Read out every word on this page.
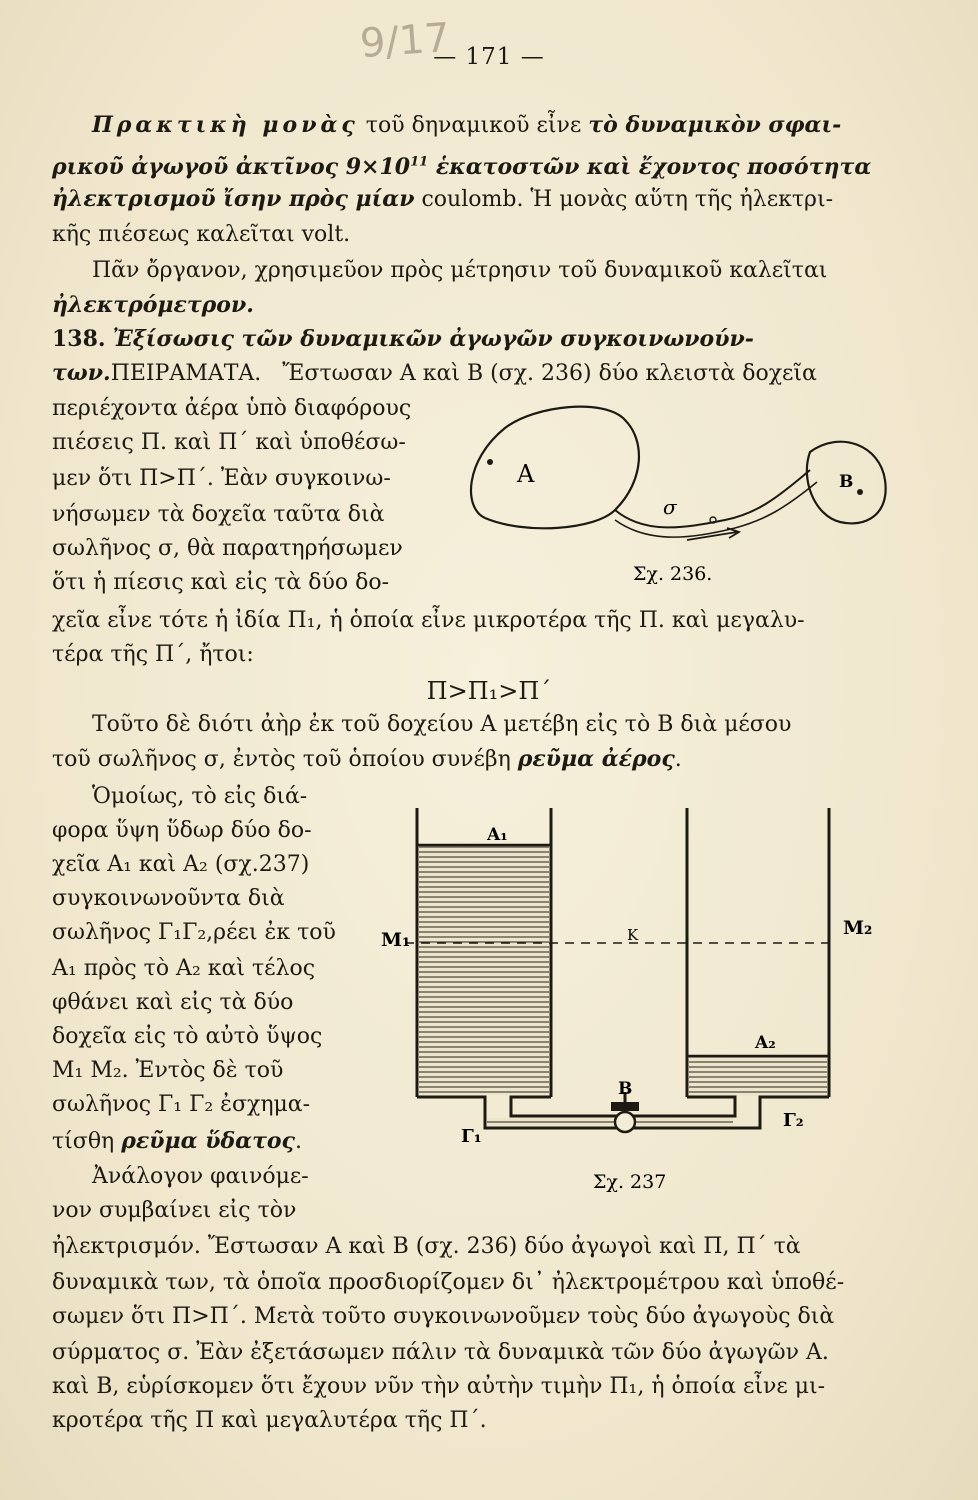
9/17
— 171 —
Πρακτικὴ μονὰς τοῦ δηναμικοῦ εἶνε τὸ δυναμικὸν σφαι-
ρικοῦ ἀγωγοῦ ἀκτῖνος $9\times 10^{11}$ ἑκατοστῶν καὶ ἔχοντος ποσότητα
ἠλεκτρισμοῦ ἴσην πρὸς μίαν coulomb. Ἡ μονὰς αὕτη τῆς ἠλεκτρι-
κῆς πιέσεως καλεῖται volt.
Πᾶν ὄργανον, χρησιμεῦον πρὸς μέτρησιν τοῦ δυναμικοῦ καλεῖται
ἠλεκτρόμετρον.
138. Ἐξίσωσις τῶν δυναμικῶν ἀγωγῶν συγκοινωνούν-
των.ΠΕΙΡΑΜΑΤΑ. Ἔστωσαν Α καὶ Β (σχ. 236) δύο κλειστὰ δοχεῖα
περιέχοντα ἀέρα ὑπὸ διαφόρους
πιέσεις Π. καὶ Π΄ καὶ ὑποθέσω-
μεν ὅτι Π>Π΄. Ἐὰν συγκοινω-
νήσωμεν τὰ δοχεῖα ταῦτα διὰ
σωλῆνος σ, θὰ παρατηρήσωμεν
ὅτι ἡ πίεσις καὶ εἰς τὰ δύο δο-
Α	Β
σ
Σχ. 236.
χεῖα εἶνε τότε ἡ ἰδία Π₁, ἡ ὁποία εἶνε μικροτέρα τῆς Π. καὶ μεγαλυ-
τέρα τῆς Π΄, ἤτοι:
Π>Π₁>Π΄
Τοῦτο δὲ διότι ἀὴρ ἐκ τοῦ δοχείου Α μετέβη εἰς τὸ Β διὰ μέσου
τοῦ σωλῆνος σ, ἐντὸς τοῦ ὁποίου συνέβη ρεῦμα ἀέρος.
Ὁμοίως, τὸ εἰς διά-
φορα ὕψη ὕδωρ δύο δο-
χεῖα Α₁ καὶ Α₂ (σχ.237)
συγκοινωνοῦντα διὰ
σωλῆνος Γ₁Γ₂,ρέει ἐκ τοῦ
Α₁ πρὸς τὸ Α₂ καὶ τέλος
φθάνει καὶ εἰς τὰ δύο
δοχεῖα εἰς τὸ αὐτὸ ὕψος
Μ₁ Μ₂. Ἐντὸς δὲ τοῦ
σωλῆνος Γ₁ Γ₂ ἐσχημα-
τίσθη ρεῦμα ὕδατος.
Ἀνάλογον φαινόμε-
νον συμβαίνει εἰς τὸν
Α₁
Α₂
Μ₁
Μ₂
Κ
Γ₁
Γ₂
Β
Σχ. 237
ἠλεκτρισμόν. Ἔστωσαν Α καὶ Β (σχ. 236) δύο ἀγωγοὶ καὶ Π, Π΄ τὰ
δυναμικὰ των, τὰ ὁποῖα προσδιορίζομεν δι᾽ ἠλεκτρομέτρου καὶ ὑποθέ-
σωμεν ὅτι Π>Π΄. Μετὰ τοῦτο συγκοινωνοῦμεν τοὺς δύο ἀγωγοὺς διὰ
σύρματος σ. Ἐὰν ἐξετάσωμεν πάλιν τὰ δυναμικὰ τῶν δύο ἀγωγῶν Α.
καὶ Β, εὑρίσκομεν ὅτι ἔχουν νῦν τὴν αὐτὴν τιμὴν Π₁, ἡ ὁποία εἶνε μι-
κροτέρα τῆς Π καὶ μεγαλυτέρα τῆς Π΄.
